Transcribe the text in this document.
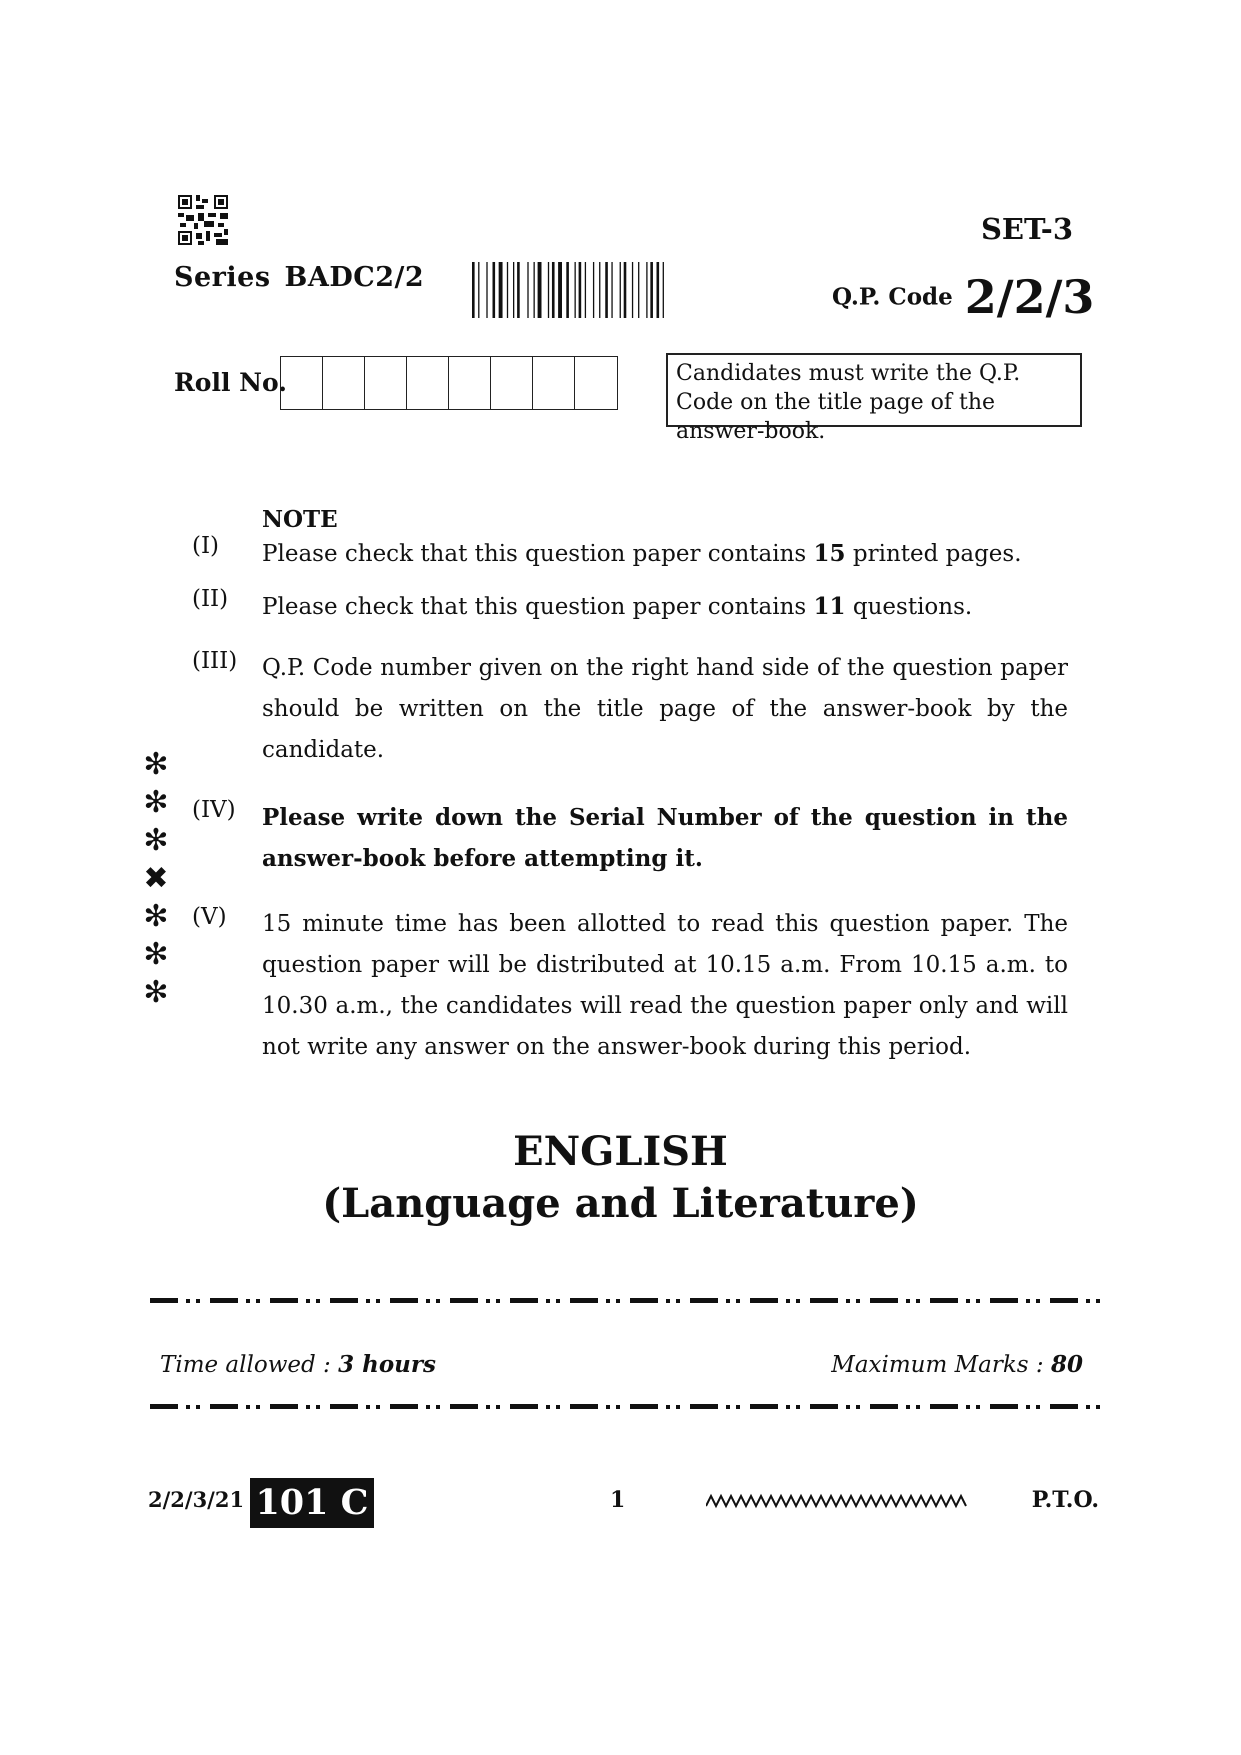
SET-3
Series BADC2/2
Q.P. Code 2/2/3
Roll No.	Candidates must write the Q.P. Code on the title page of the answer-book.
NOTE
(I) Please check that this question paper contains 15 printed pages.
(II) Please check that this question paper contains 11 questions.
(III) Q.P. Code number given on the right hand side of the question paper should be written on the title page of the answer-book by the candidate.
(IV) Please write down the Serial Number of the question in the answer-book before attempting it.
(V) 15 minute time has been allotted to read this question paper. The question paper will be distributed at 10.15 a.m. From 10.15 a.m. to 10.30 a.m., the candidates will read the question paper only and will not write any answer on the answer-book during this period.
✻
✻
✻
✖
✻
✻
✻
ENGLISH
(Language and Literature)
Time allowed : 3 hours	Maximum Marks : 80
2/2/3/21 101 C	1	P.T.O.
